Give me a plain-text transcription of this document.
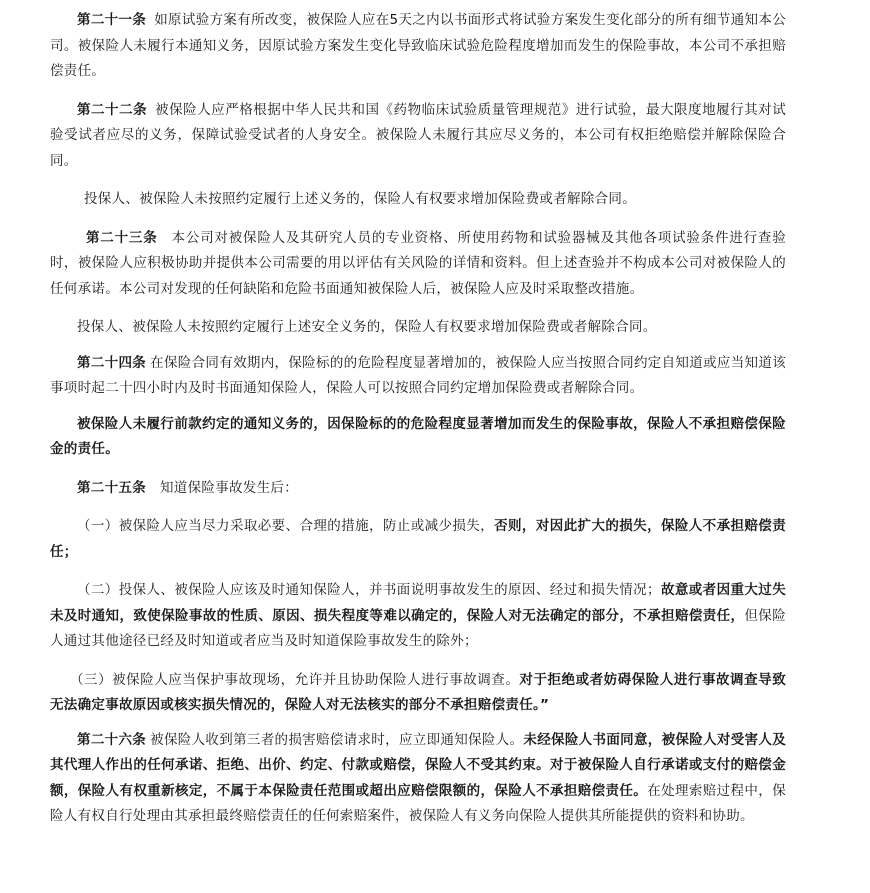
第二十一条 如原试验方案有所改变，被保险人应在5天之内以书面形式将试验方案发生变化部分的所有细节通知本公司。被保险人未履行本通知义务，因原试验方案发生变化导致临床试验危险程度增加而发生的保险事故，本公司不承担赔偿责任。

第二十二条 被保险人应严格根据中华人民共和国《药物临床试验质量管理规范》进行试验，最大限度地履行其对试验受试者应尽的义务，保障试验受试者的人身安全。被保险人未履行其应尽义务的，本公司有权拒绝赔偿并解除保险合同。

投保人、被保险人未按照约定履行上述义务的，保险人有权要求增加保险费或者解除合同。

第二十三条 本公司对被保险人及其研究人员的专业资格、所使用药物和试验器械及其他各项试验条件进行查验时，被保险人应积极协助并提供本公司需要的用以评估有关风险的详情和资料。但上述查验并不构成本公司对被保险人的任何承诺。本公司对发现的任何缺陷和危险书面通知被保险人后，被保险人应及时采取整改措施。

投保人、被保险人未按照约定履行上述安全义务的，保险人有权要求增加保险费或者解除合同。

第二十四条 在保险合同有效期内，保险标的的危险程度显著增加的，被保险人应当按照合同约定自知道或应当知道该事项时起二十四小时内及时书面通知保险人，保险人可以按照合同约定增加保险费或者解除合同。

被保险人未履行前款约定的通知义务的，因保险标的的危险程度显著增加而发生的保险事故，保险人不承担赔偿保险金的责任。

第二十五条 知道保险事故发生后：

（一）被保险人应当尽力采取必要、合理的措施，防止或减少损失，否则，对因此扩大的损失，保险人不承担赔偿责任；

（二）投保人、被保险人应该及时通知保险人，并书面说明事故发生的原因、经过和损失情况；故意或者因重大过失未及时通知，致使保险事故的性质、原因、损失程度等难以确定的，保险人对无法确定的部分，不承担赔偿责任，但保险人通过其他途径已经及时知道或者应当及时知道保险事故发生的除外；

（三）被保险人应当保护事故现场，允许并且协助保险人进行事故调查。对于拒绝或者妨碍保险人进行事故调查导致无法确定事故原因或核实损失情况的，保险人对无法核实的部分不承担赔偿责任。”

第二十六条 被保险人收到第三者的损害赔偿请求时，应立即通知保险人。未经保险人书面同意，被保险人对受害人及其代理人作出的任何承诺、拒绝、出价、约定、付款或赔偿，保险人不受其约束。对于被保险人自行承诺或支付的赔偿金额，保险人有权重新核定，不属于本保险责任范围或超出应赔偿限额的，保险人不承担赔偿责任。在处理索赔过程中，保险人有权自行处理由其承担最终赔偿责任的任何索赔案件，被保险人有义务向保险人提供其所能提供的资料和协助。
